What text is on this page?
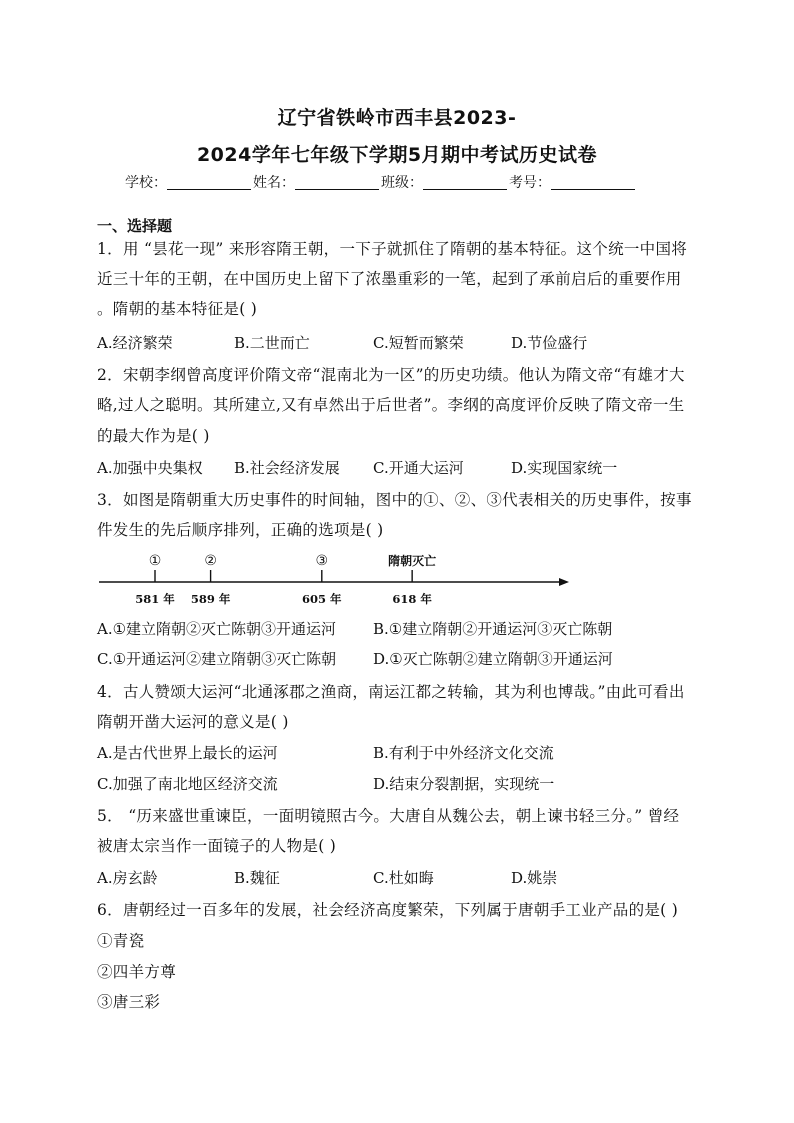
辽宁省铁岭市西丰县2023-
2024学年七年级下学期5月期中考试历史试卷
学校：	姓名：	班级：	考号：
一、选择题
1．用 “昙花一现” 来形容隋王朝，一下子就抓住了隋朝的基本特征。这个统一中国将
近三十年的王朝，在中国历史上留下了浓墨重彩的一笔，起到了承前启后的重要作用
。隋朝的基本特征是( )
A.经济繁荣	B.二世而亡	C.短暂而繁荣	D.节俭盛行
2．宋朝李纲曾高度评价隋文帝“混南北为一区”的历史功绩。他认为隋文帝“有雄才大
略,过人之聪明。其所建立,又有卓然出于后世者”。李纲的高度评价反映了隋文帝一生
的最大作为是( )
A.加强中央集权 B.社会经济发展 C.开通大运河	D.实现国家统一
3．如图是隋朝重大历史事件的时间轴，图中的①、②、③代表相关的历史事件，按事
件发生的先后顺序排列，正确的选项是( )
①
581 年
②
589 年
③
605 年
隋朝灭亡
618 年
A.①建立隋朝②灭亡陈朝③开通运河 B.①建立隋朝②开通运河③灭亡陈朝
C.①开通运河②建立隋朝③灭亡陈朝 D.①灭亡陈朝②建立隋朝③开通运河
4．古人赞颂大运河“北通涿郡之渔商，南运江都之转输，其为利也博哉。”由此可看出
隋朝开凿大运河的意义是( )
A.是古代世界上最长的运河	B.有利于中外经济文化交流
C.加强了南北地区经济交流	D.结束分裂割据，实现统一
5． “历来盛世重谏臣，一面明镜照古今。大唐自从魏公去，朝上谏书轻三分。” 曾经
被唐太宗当作一面镜子的人物是( )
A.房玄龄	B.魏征	C.杜如晦	D.姚崇
6．唐朝经过一百多年的发展，社会经济高度繁荣，下列属于唐朝手工业产品的是( )
①青瓷
②四羊方尊
③唐三彩
